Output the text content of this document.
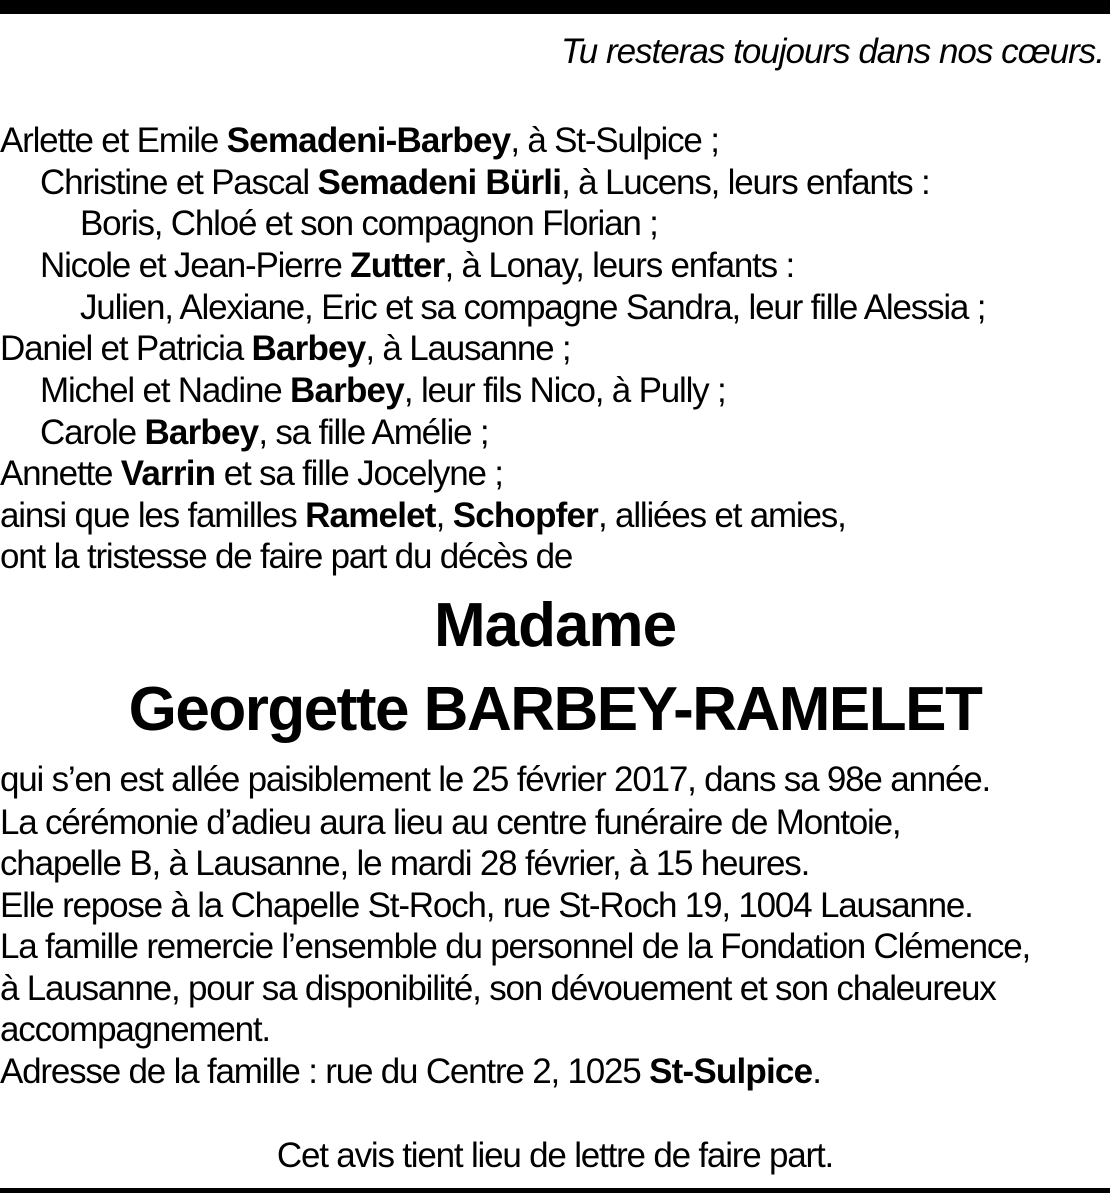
Tu resteras toujours dans nos cœurs.
Arlette et Emile Semadeni-Barbey, à St-Sulpice ;
Christine et Pascal Semadeni Bürli, à Lucens, leurs enfants :
Boris, Chloé et son compagnon Florian ;
Nicole et Jean-Pierre Zutter, à Lonay, leurs enfants :
Julien, Alexiane, Eric et sa compagne Sandra, leur fille Alessia ;
Daniel et Patricia Barbey, à Lausanne ;
Michel et Nadine Barbey, leur fils Nico, à Pully ;
Carole Barbey, sa fille Amélie ;
Annette Varrin et sa fille Jocelyne ;
ainsi que les familles Ramelet, Schopfer, alliées et amies,
ont la tristesse de faire part du décès de
Madame
Georgette BARBEY-RAMELET
qui s’en est allée paisiblement le 25 février 2017, dans sa 98e année.
La cérémonie d’adieu aura lieu au centre funéraire de Montoie,
chapelle B, à Lausanne, le mardi 28 février, à 15 heures.
Elle repose à la Chapelle St-Roch, rue St-Roch 19, 1004 Lausanne.
La famille remercie l’ensemble du personnel de la Fondation Clémence,
à Lausanne, pour sa disponibilité, son dévouement et son chaleureux
accompagnement.
Adresse de la famille : rue du Centre 2, 1025 St-Sulpice.
Cet avis tient lieu de lettre de faire part.
